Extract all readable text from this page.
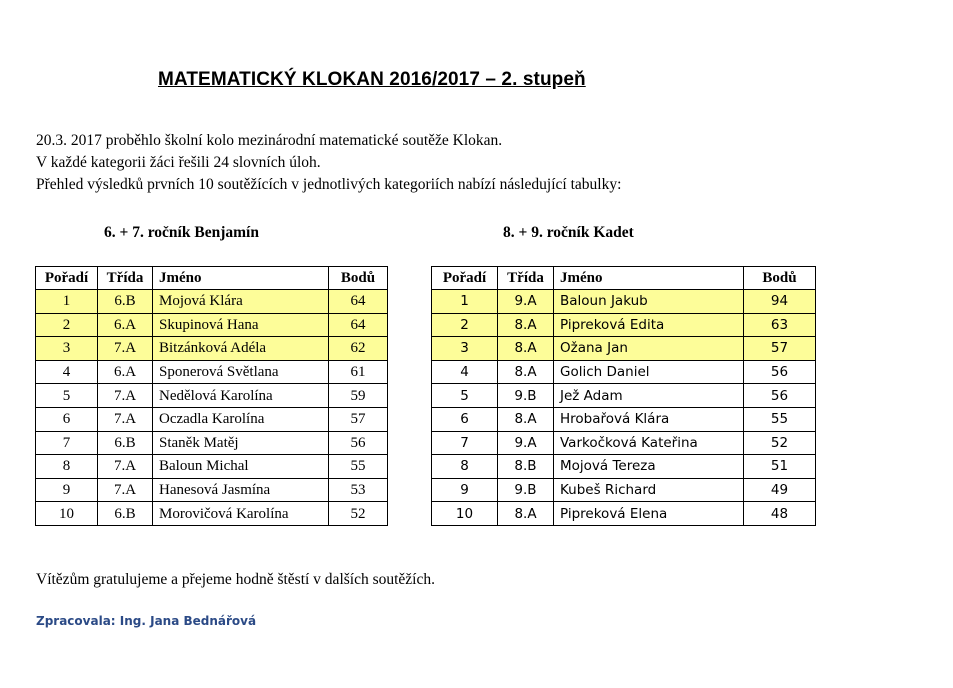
MATEMATICKÝ KLOKAN 2016/2017 – 2. stupeň
20.3. 2017 proběhlo školní kolo mezinárodní matematické soutěže Klokan.
V každé kategorii žáci řešili 24 slovních úloh.
Přehled výsledků prvních 10 soutěžících v jednotlivých kategoriích nabízí následující tabulky:
6. + 7. ročník Benjamín	8. + 9. ročník Kadet
Pořadí	Třída	Jméno	Bodů
1	6.B	Mojová Klára	64
2	6.A	Skupinová Hana	64
3	7.A	Bitzánková Adéla	62
4	6.A	Sponerová Světlana	61
5	7.A	Nedělová Karolína	59
6	7.A	Oczadla Karolína	57
7	6.B	Staněk Matěj	56
8	7.A	Baloun Michal	55
9	7.A	Hanesová Jasmína	53
10	6.B	Morovičová Karolína	52
Pořadí	Třída	Jméno	Bodů
1	9.A	Baloun Jakub	94
2	8.A	Pipreková Edita	63
3	8.A	Ožana Jan	57
4	8.A	Golich Daniel	56
5	9.B	Jež Adam	56
6	8.A	Hrobařová Klára	55
7	9.A	Varkočková Kateřina	52
8	8.B	Mojová Tereza	51
9	9.B	Kubeš Richard	49
10	8.A	Pipreková Elena	48
Vítězům gratulujeme a přejeme hodně štěstí v dalších soutěžích.
Zpracovala: Ing. Jana Bednářová
